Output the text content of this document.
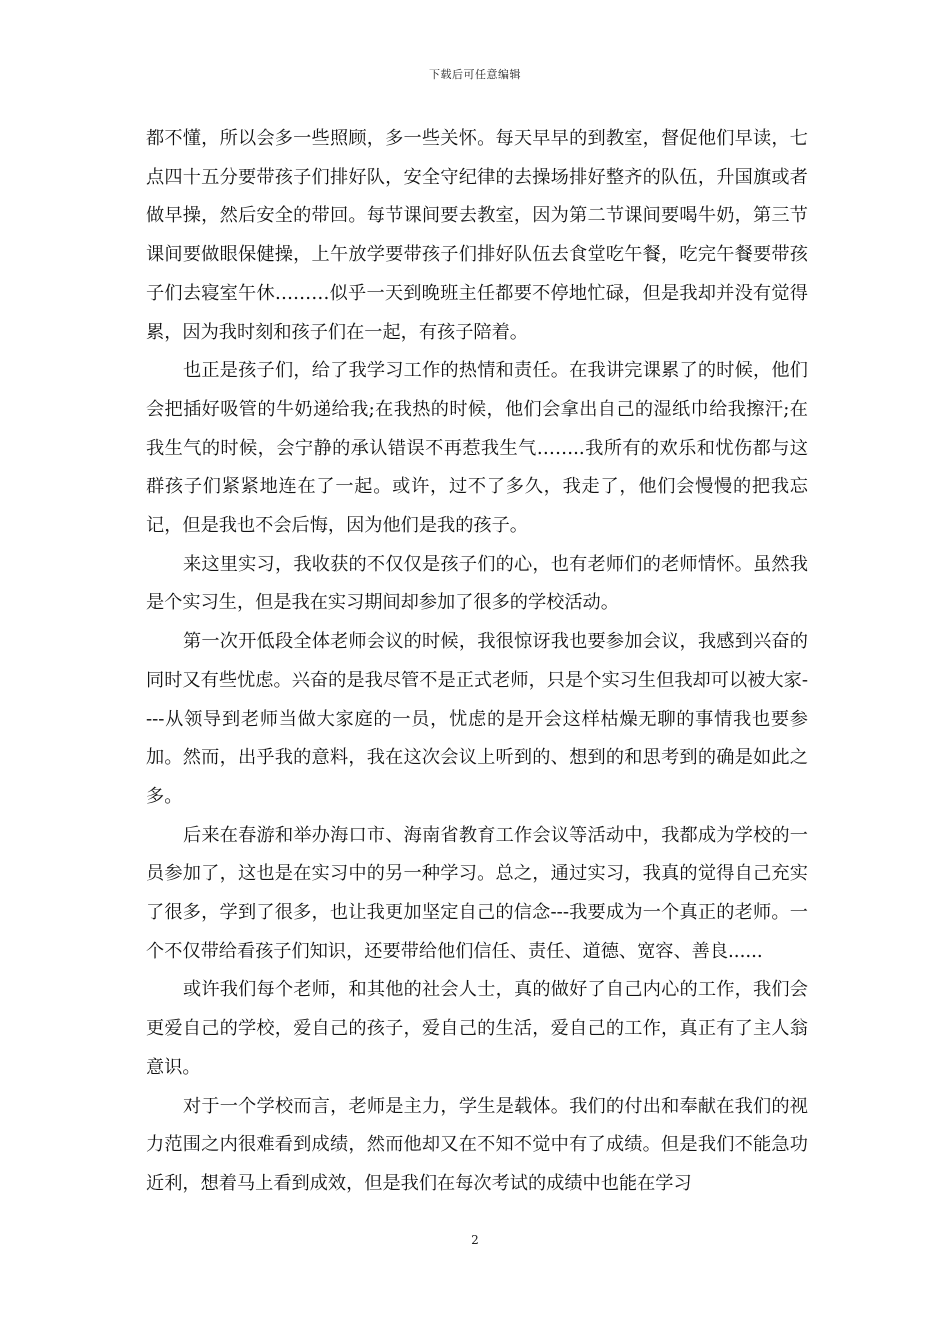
下载后可任意编辑

都不懂，所以会多一些照顾，多一些关怀。每天早早的到教室，督促他们早读，七点四十五分要带孩子们排好队，安全守纪律的去操场排好整齐的队伍，升国旗或者做早操，然后安全的带回。每节课间要去教室，因为第二节课间要喝牛奶，第三节课间要做眼保健操，上午放学要带孩子们排好队伍去食堂吃午餐，吃完午餐要带孩子们去寝室午休………似乎一天到晚班主任都要不停地忙碌，但是我却并没有觉得累，因为我时刻和孩子们在一起，有孩子陪着。

也正是孩子们，给了我学习工作的热情和责任。在我讲完课累了的时候，他们会把插好吸管的牛奶递给我;在我热的时候，他们会拿出自己的湿纸巾给我擦汗;在我生气的时候，会宁静的承认错误不再惹我生气……..我所有的欢乐和忧伤都与这群孩子们紧紧地连在了一起。或许，过不了多久，我走了，他们会慢慢的把我忘记，但是我也不会后悔，因为他们是我的孩子。

来这里实习，我收获的不仅仅是孩子们的心，也有老师们的老师情怀。虽然我是个实习生，但是我在实习期间却参加了很多的学校活动。

第一次开低段全体老师会议的时候，我很惊讶我也要参加会议，我感到兴奋的同时又有些忧虑。兴奋的是我尽管不是正式老师，只是个实习生但我却可以被大家----从领导到老师当做大家庭的一员，忧虑的是开会这样枯燥无聊的事情我也要参加。然而，出乎我的意料，我在这次会议上听到的、想到的和思考到的确是如此之多。

后来在春游和举办海口市、海南省教育工作会议等活动中，我都成为学校的一员参加了，这也是在实习中的另一种学习。总之，通过实习，我真的觉得自己充实了很多，学到了很多，也让我更加坚定自己的信念---我要成为一个真正的老师。一个不仅带给看孩子们知识，还要带给他们信任、责任、道德、宽容、善良......

或许我们每个老师，和其他的社会人士，真的做好了自己内心的工作，我们会更爱自己的学校，爱自己的孩子，爱自己的生活，爱自己的工作，真正有了主人翁意识。

对于一个学校而言，老师是主力，学生是载体。我们的付出和奉献在我们的视力范围之内很难看到成绩，然而他却又在不知不觉中有了成绩。但是我们不能急功近利，想着马上看到成效，但是我们在每次考试的成绩中也能在学习

2
